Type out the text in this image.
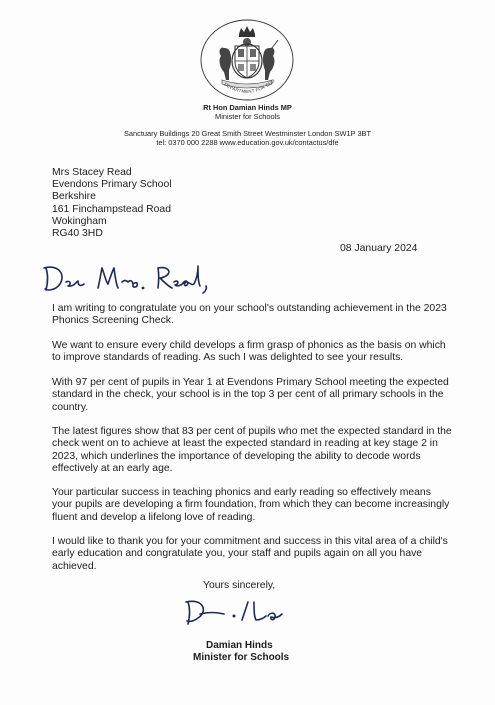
DEPARTMENT FOR EDU
Rt Hon Damian Hinds MP
Minister for Schools
Sanctuary Buildings 20 Great Smith Street Westminster London SW1P 3BT
tel: 0370 000 2288 www.education.gov.uk/contactus/dfe
Mrs Stacey Read
Evendons Primary School
Berkshire
161 Finchampstead Road
Wokingham
RG40 3HD
08 January 2024

I am writing to congratulate you on your school's outstanding achievement in the 2023 Phonics Screening Check.

We want to ensure every child develops a firm grasp of phonics as the basis on which to improve standards of reading. As such I was delighted to see your results.

With 97 per cent of pupils in Year 1 at Evendons Primary School meeting the expected standard in the check, your school is in the top 3 per cent of all primary schools in the country.

The latest figures show that 83 per cent of pupils who met the expected standard in the check went on to achieve at least the expected standard in reading at key stage 2 in 2023, which underlines the importance of developing the ability to decode words effectively at an early age.

Your particular success in teaching phonics and early reading so effectively means your pupils are developing a firm foundation, from which they can become increasingly fluent and develop a lifelong love of reading.

I would like to thank you for your commitment and success in this vital area of a child's early education and congratulate you, your staff and pupils again on all you have achieved.

Yours sincerely,
Damian Hinds
Minister for Schools
